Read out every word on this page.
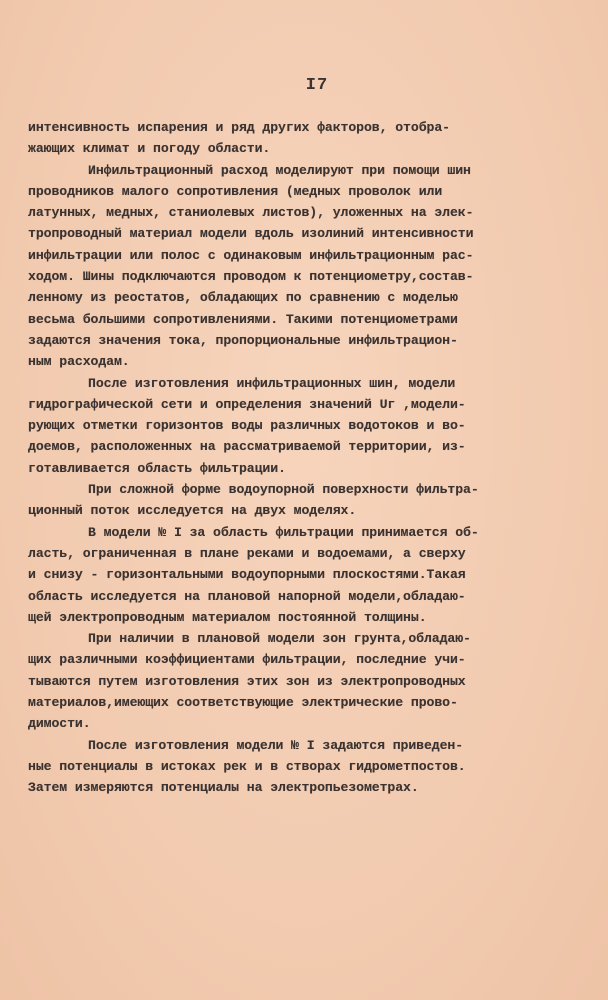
I7
интенсивность испарения и ряд других факторов, отобра-
жающих климат и погоду области.
Инфильтрационный расход моделируют при помощи шин
проводников малого сопротивления (медных проволок или
латунных, медных, станиолевых листов), уложенных на элек-
тропроводный материал модели вдоль изолиний интенсивности
инфильтрации или полос с одинаковым инфильтрационным рас-
ходом. Шины подключаются проводом к потенциометру,состав-
ленному из реостатов, обладающих по сравнению с моделью
весьма большими сопротивлениями. Такими потенциометрами
задаются значения тока, пропорциональные инфильтрацион-
ным расходам.
После изготовления инфильтрационных шин, модели
гидрографической сети и определения значений Uг ,модели-
рующих отметки горизонтов воды различных водотоков и во-
доемов, расположенных на рассматриваемой территории, из-
готавливается область фильтрации.
При сложной форме водоупорной поверхности фильтра-
ционный поток исследуется на двух моделях.
В модели № I за область фильтрации принимается об-
ласть, ограниченная в плане реками и водоемами, а сверху
и снизу - горизонтальными водоупорными плоскостями.Такая
область исследуется на плановой напорной модели,обладаю-
щей электропроводным материалом постоянной толщины.
При наличии в плановой модели зон грунта,обладаю-
щих различными коэффициентами фильтрации, последние учи-
тываются путем изготовления этих зон из электропроводных
материалов,имеющих соответствующие электрические прово-
димости.
После изготовления модели № I задаются приведен-
ные потенциалы в истоках рек и в створах гидрометпостов.
Затем измеряются потенциалы на электропьезометрах.
